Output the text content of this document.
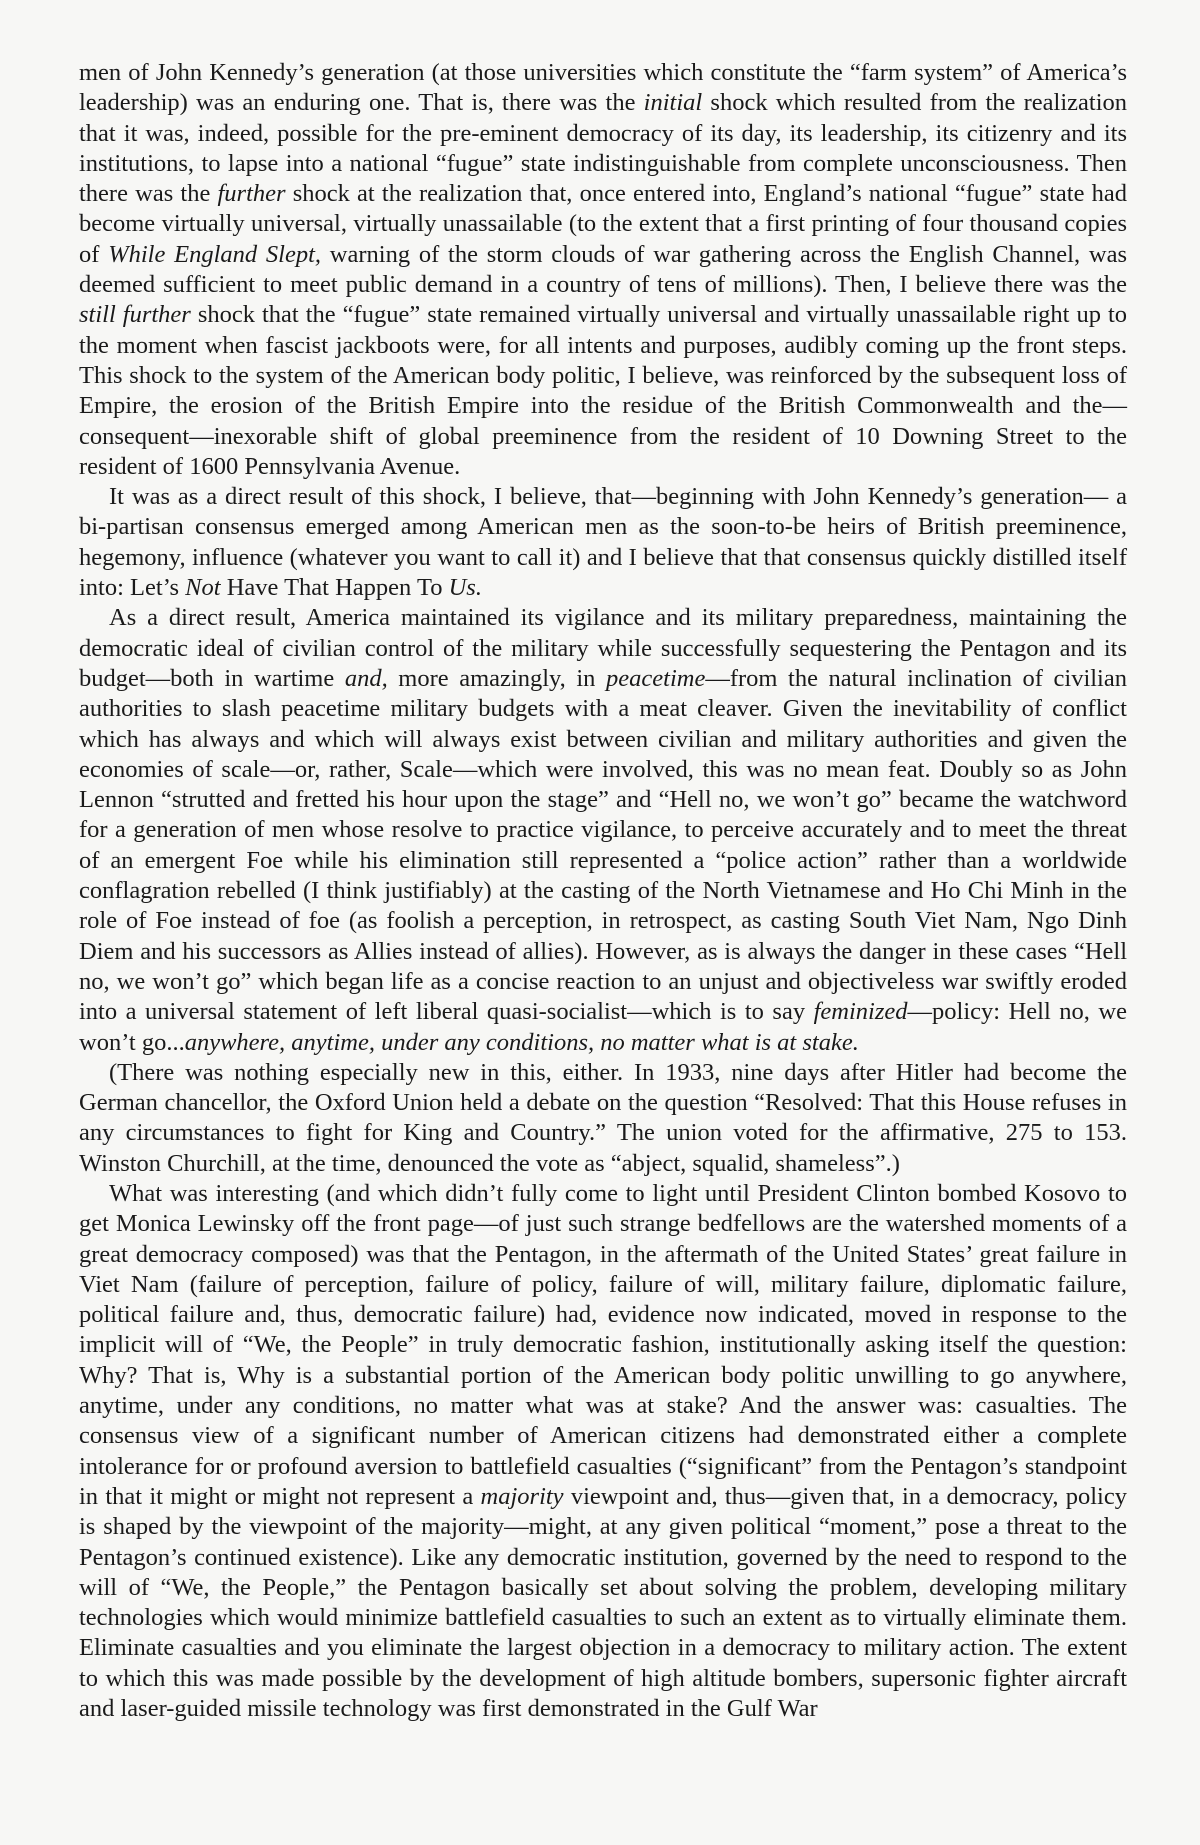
men of John Kennedy’s generation (at those universities which constitute the “farm system” of America’s leadership) was an enduring one. That is, there was the initial shock which resulted from the realization that it was, indeed, possible for the pre-eminent democracy of its day, its leadership, its citizenry and its institutions, to lapse into a national “fugue” state indistinguishable from complete unconsciousness. Then there was the further shock at the realization that, once entered into, England’s national “fugue” state had become virtually universal, virtually unassailable (to the extent that a first printing of four thousand copies of While England Slept, warning of the storm clouds of war gathering across the English Channel, was deemed sufficient to meet public demand in a country of tens of millions). Then, I believe there was the still further shock that the “fugue” state remained virtually universal and virtually unassailable right up to the moment when fascist jackboots were, for all intents and purposes, audibly coming up the front steps. This shock to the system of the American body politic, I believe, was reinforced by the subsequent loss of Empire, the erosion of the British Empire into the residue of the British Commonwealth and the—consequent—inexorable shift of global preeminence from the resident of 10 Downing Street to the resident of 1600 Pennsylvania Avenue.

It was as a direct result of this shock, I believe, that—beginning with John Kennedy’s generation— a bi-partisan consensus emerged among American men as the soon-to-be heirs of British preeminence, hegemony, influence (whatever you want to call it) and I believe that that consensus quickly distilled itself into: Let’s Not Have That Happen To Us.

As a direct result, America maintained its vigilance and its military preparedness, maintaining the democratic ideal of civilian control of the military while successfully sequestering the Pentagon and its budget—both in wartime and, more amazingly, in peacetime—from the natural inclination of civilian authorities to slash peacetime military budgets with a meat cleaver. Given the inevitability of conflict which has always and which will always exist between civilian and military authorities and given the economies of scale—or, rather, Scale—which were involved, this was no mean feat. Doubly so as John Lennon “strutted and fretted his hour upon the stage” and “Hell no, we won’t go” became the watchword for a generation of men whose resolve to practice vigilance, to perceive accurately and to meet the threat of an emergent Foe while his elimination still represented a “police action” rather than a worldwide conflagration rebelled (I think justifiably) at the casting of the North Vietnamese and Ho Chi Minh in the role of Foe instead of foe (as foolish a perception, in retrospect, as casting South Viet Nam, Ngo Dinh Diem and his successors as Allies instead of allies). However, as is always the danger in these cases “Hell no, we won’t go” which began life as a concise reaction to an unjust and objectiveless war swiftly eroded into a universal statement of left liberal quasi-socialist—which is to say feminized—policy: Hell no, we won’t go...anywhere, anytime, under any conditions, no matter what is at stake.

(There was nothing especially new in this, either. In 1933, nine days after Hitler had become the German chancellor, the Oxford Union held a debate on the question “Resolved: That this House refuses in any circumstances to fight for King and Country.” The union voted for the affirmative, 275 to 153. Winston Churchill, at the time, denounced the vote as “abject, squalid, shameless”.)

What was interesting (and which didn’t fully come to light until President Clinton bombed Kosovo to get Monica Lewinsky off the front page—of just such strange bedfellows are the watershed moments of a great democracy composed) was that the Pentagon, in the aftermath of the United States’ great failure in Viet Nam (failure of perception, failure of policy, failure of will, military failure, diplomatic failure, political failure and, thus, democratic failure) had, evidence now indicated, moved in response to the implicit will of “We, the People” in truly democratic fashion, institutionally asking itself the question: Why? That is, Why is a substantial portion of the American body politic unwilling to go anywhere, anytime, under any conditions, no matter what was at stake? And the answer was: casualties. The consensus view of a significant number of American citizens had demonstrated either a complete intolerance for or profound aversion to battlefield casualties (“significant” from the Pentagon’s standpoint in that it might or might not represent a majority viewpoint and, thus—given that, in a democracy, policy is shaped by the viewpoint of the majority—might, at any given political “moment,” pose a threat to the Pentagon’s continued existence). Like any democratic institution, governed by the need to respond to the will of “We, the People,” the Pentagon basically set about solving the problem, developing military technologies which would minimize battlefield casualties to such an extent as to virtually eliminate them. Eliminate casualties and you eliminate the largest objection in a democracy to military action. The extent to which this was made possible by the development of high altitude bombers, supersonic fighter aircraft and laser-guided missile technology was first demonstrated in the Gulf War
